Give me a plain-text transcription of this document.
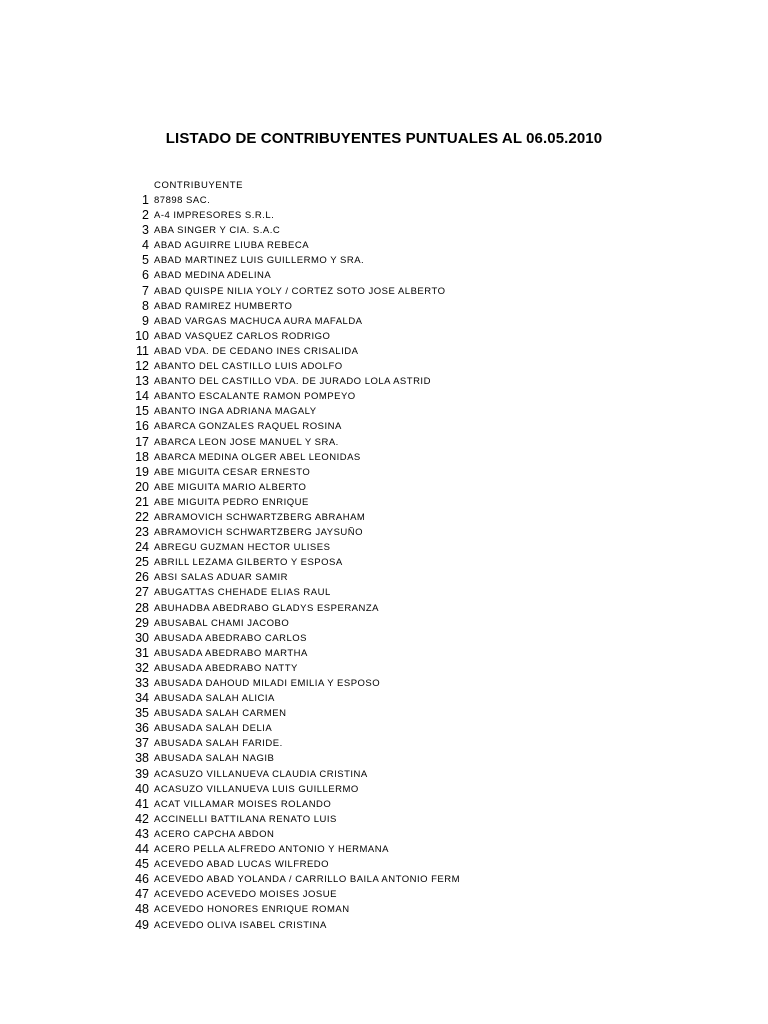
LISTADO DE CONTRIBUYENTES PUNTUALES AL 06.05.2010
CONTRIBUYENTE
1 87898 SAC.
2 A-4 IMPRESORES S.R.L.
3 ABA SINGER Y CIA. S.A.C
4 ABAD AGUIRRE LIUBA REBECA
5 ABAD MARTINEZ LUIS GUILLERMO Y SRA.
6 ABAD MEDINA ADELINA
7 ABAD QUISPE NILIA YOLY / CORTEZ SOTO JOSE ALBERTO
8 ABAD RAMIREZ HUMBERTO
9 ABAD VARGAS MACHUCA AURA MAFALDA
10 ABAD VASQUEZ CARLOS RODRIGO
11 ABAD VDA. DE CEDANO INES CRISALIDA
12 ABANTO DEL CASTILLO LUIS ADOLFO
13 ABANTO DEL CASTILLO VDA. DE JURADO LOLA ASTRID
14 ABANTO ESCALANTE RAMON POMPEYO
15 ABANTO INGA ADRIANA MAGALY
16 ABARCA GONZALES RAQUEL ROSINA
17 ABARCA LEON JOSE MANUEL Y SRA.
18 ABARCA MEDINA OLGER ABEL LEONIDAS
19 ABE MIGUITA CESAR ERNESTO
20 ABE MIGUITA MARIO ALBERTO
21 ABE MIGUITA PEDRO ENRIQUE
22 ABRAMOVICH SCHWARTZBERG ABRAHAM
23 ABRAMOVICH SCHWARTZBERG JAYSUÑO
24 ABREGU GUZMAN HECTOR ULISES
25 ABRILL LEZAMA GILBERTO Y ESPOSA
26 ABSI SALAS ADUAR SAMIR
27 ABUGATTAS CHEHADE ELIAS RAUL
28 ABUHADBA ABEDRABO GLADYS ESPERANZA
29 ABUSABAL CHAMI JACOBO
30 ABUSADA ABEDRABO CARLOS
31 ABUSADA ABEDRABO MARTHA
32 ABUSADA ABEDRABO NATTY
33 ABUSADA DAHOUD MILADI EMILIA Y ESPOSO
34 ABUSADA SALAH ALICIA
35 ABUSADA SALAH CARMEN
36 ABUSADA SALAH DELIA
37 ABUSADA SALAH FARIDE.
38 ABUSADA SALAH NAGIB
39 ACASUZO VILLANUEVA CLAUDIA CRISTINA
40 ACASUZO VILLANUEVA LUIS GUILLERMO
41 ACAT VILLAMAR MOISES ROLANDO
42 ACCINELLI BATTILANA RENATO LUIS
43 ACERO CAPCHA ABDON
44 ACERO PELLA ALFREDO ANTONIO Y HERMANA
45 ACEVEDO ABAD LUCAS WILFREDO
46 ACEVEDO ABAD YOLANDA / CARRILLO BAILA ANTONIO FERM
47 ACEVEDO ACEVEDO MOISES JOSUE
48 ACEVEDO HONORES ENRIQUE ROMAN
49 ACEVEDO OLIVA ISABEL CRISTINA
